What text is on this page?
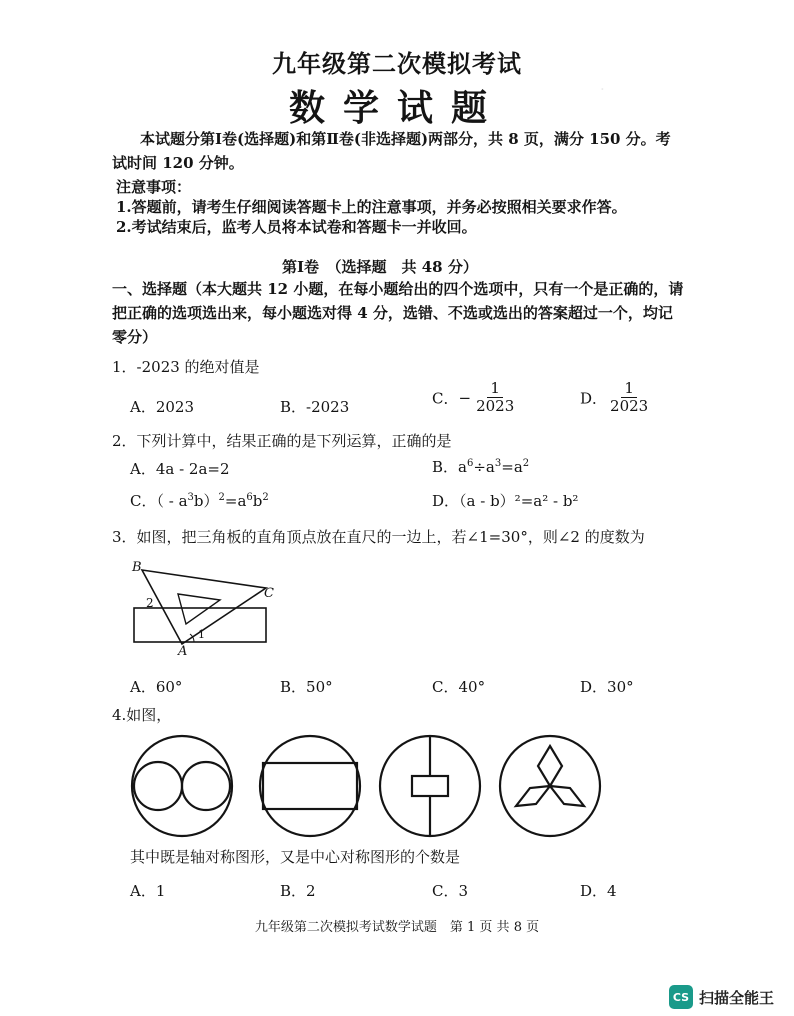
·
九年级第二次模拟考试
数学试题
本试题分第Ⅰ卷(选择题)和第Ⅱ卷(非选择题)两部分，共 8 页，满分 150 分。考
试时间 120 分钟。
注意事项：
1.答题前，请考生仔细阅读答题卡上的注意事项，并务必按照相关要求作答。
2.考试结束后，监考人员将本试卷和答题卡一并收回。
第Ⅰ卷　（选择题　共 48 分）
一、选择题（本大题共 12 小题，在每小题给出的四个选项中，只有一个是正确的，请
把正确的选项选出来，每小题选对得 4 分，选错、不选或选出的答案超过一个，均记
零分）
1．-2023 的绝对值是
A．2023	B．-2023	C．− $\frac{1}{2023}$	D． $\frac{1}{2023}$
2．下列计算中，结果正确的是下列运算，正确的是
A．4a - 2a=2	B．$a^6\div a^3=a^2$
C．（ - $a^3b)^2=a^6b^2$	D．（a - b）²=a² - b²
3．如图，把三角板的直角顶点放在直尺的一边上，若∠1=30°，则∠2 的度数为
B
C
A
2
1
A．60°	B．50°	C．40°	D．30°
4.如图，
其中既是轴对称图形，又是中心对称图形的个数是
A．1	B．2	C．3	D．4
九年级第二次模拟考试数学试题　第 1 页 共 8 页
CS 扫描全能王
